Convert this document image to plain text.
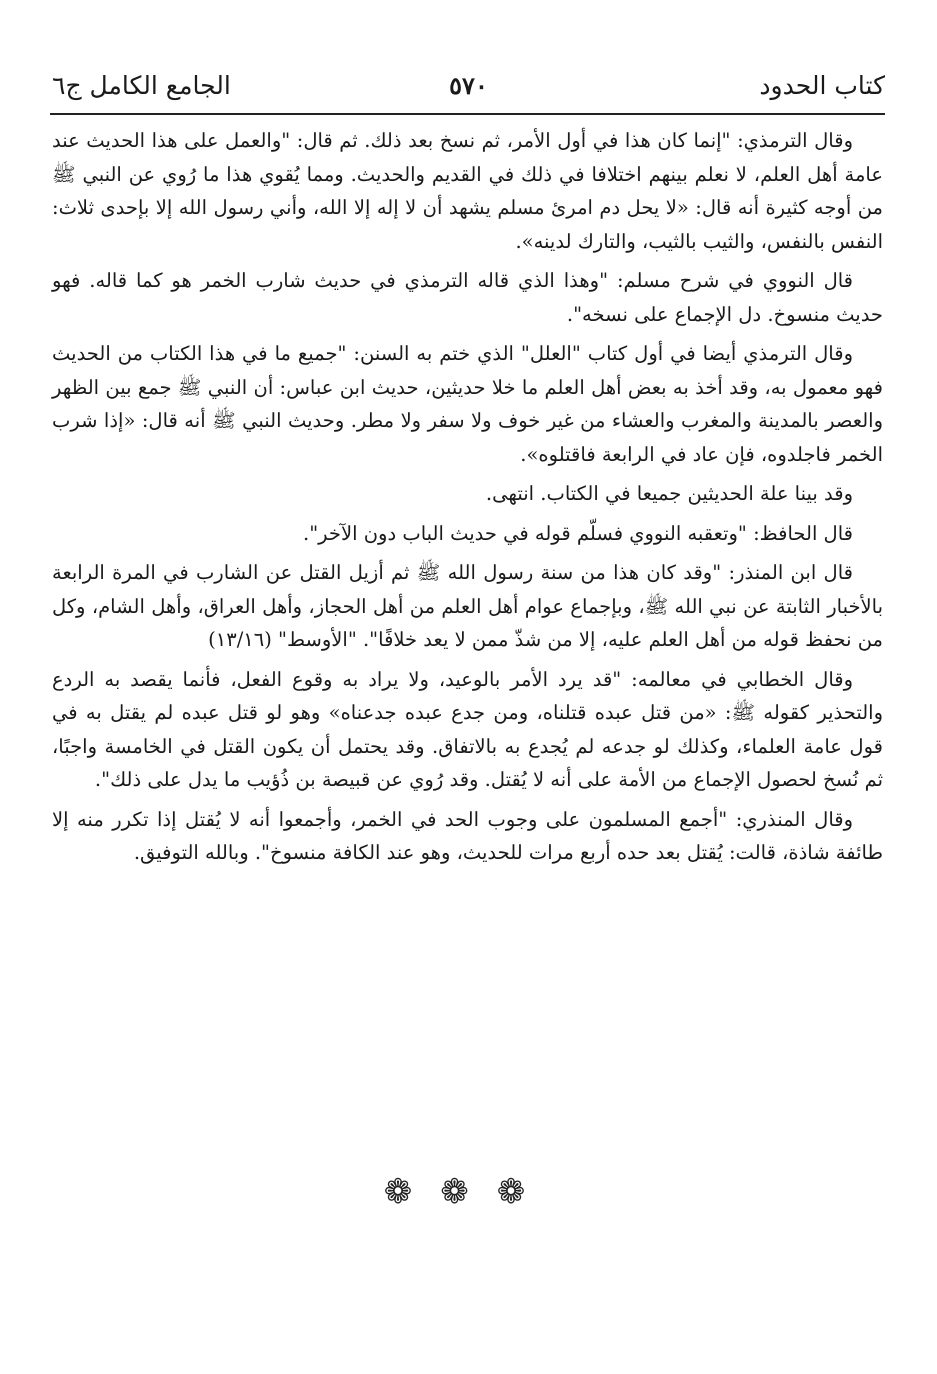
كتاب الحدود
٥٧٠
الجامع الكامل ج٦

وقال الترمذي: "إنما كان هذا في أول الأمر، ثم نسخ بعد ذلك. ثم قال: "والعمل على هذا الحديث عند عامة أهل العلم، لا نعلم بينهم اختلافا في ذلك في القديم والحديث. ومما يُقوي هذا ما رُوي عن النبي ﷺ من أوجه كثيرة أنه قال: «لا يحل دم امرئ مسلم يشهد أن لا إله إلا الله، وأني رسول الله إلا بإحدى ثلاث: النفس بالنفس، والثيب بالثيب، والتارك لدينه».

قال النووي في شرح مسلم: "وهذا الذي قاله الترمذي في حديث شارب الخمر هو كما قاله. فهو حديث منسوخ. دل الإجماع على نسخه".

وقال الترمذي أيضا في أول كتاب "العلل" الذي ختم به السنن: "جميع ما في هذا الكتاب من الحديث فهو معمول به، وقد أخذ به بعض أهل العلم ما خلا حديثين، حديث ابن عباس: أن النبي ﷺ جمع بين الظهر والعصر بالمدينة والمغرب والعشاء من غير خوف ولا سفر ولا مطر. وحديث النبي ﷺ أنه قال: «إذا شرب الخمر فاجلدوه، فإن عاد في الرابعة فاقتلوه».

وقد بينا علة الحديثين جميعا في الكتاب. انتهى.

قال الحافظ: "وتعقبه النووي فسلّم قوله في حديث الباب دون الآخر".

قال ابن المنذر: "وقد كان هذا من سنة رسول الله ﷺ ثم أزيل القتل عن الشارب في المرة الرابعة بالأخبار الثابتة عن نبي الله ﷺ، وبإجماع عوام أهل العلم من أهل الحجاز، وأهل العراق، وأهل الشام، وكل من نحفظ قوله من أهل العلم عليه، إلا من شذّ ممن لا يعد خلافًا". "الأوسط" (١٣/١٦)

وقال الخطابي في معالمه: "قد يرد الأمر بالوعيد، ولا يراد به وقوع الفعل، فأنما يقصد به الردع والتحذير كقوله ﷺ: «من قتل عبده قتلناه، ومن جدع عبده جدعناه» وهو لو قتل عبده لم يقتل به في قول عامة العلماء، وكذلك لو جدعه لم يُجدع به بالاتفاق. وقد يحتمل أن يكون القتل في الخامسة واجبًا، ثم نُسخ لحصول الإجماع من الأمة على أنه لا يُقتل. وقد رُوي عن قبيصة بن ذُؤيب ما يدل على ذلك".

وقال المنذري: "أجمع المسلمون على وجوب الحد في الخمر، وأجمعوا أنه لا يُقتل إذا تكرر منه إلا طائفة شاذة، قالت: يُقتل بعد حده أربع مرات للحديث، وهو عند الكافة منسوخ". وبالله التوفيق.

❁❁❁
